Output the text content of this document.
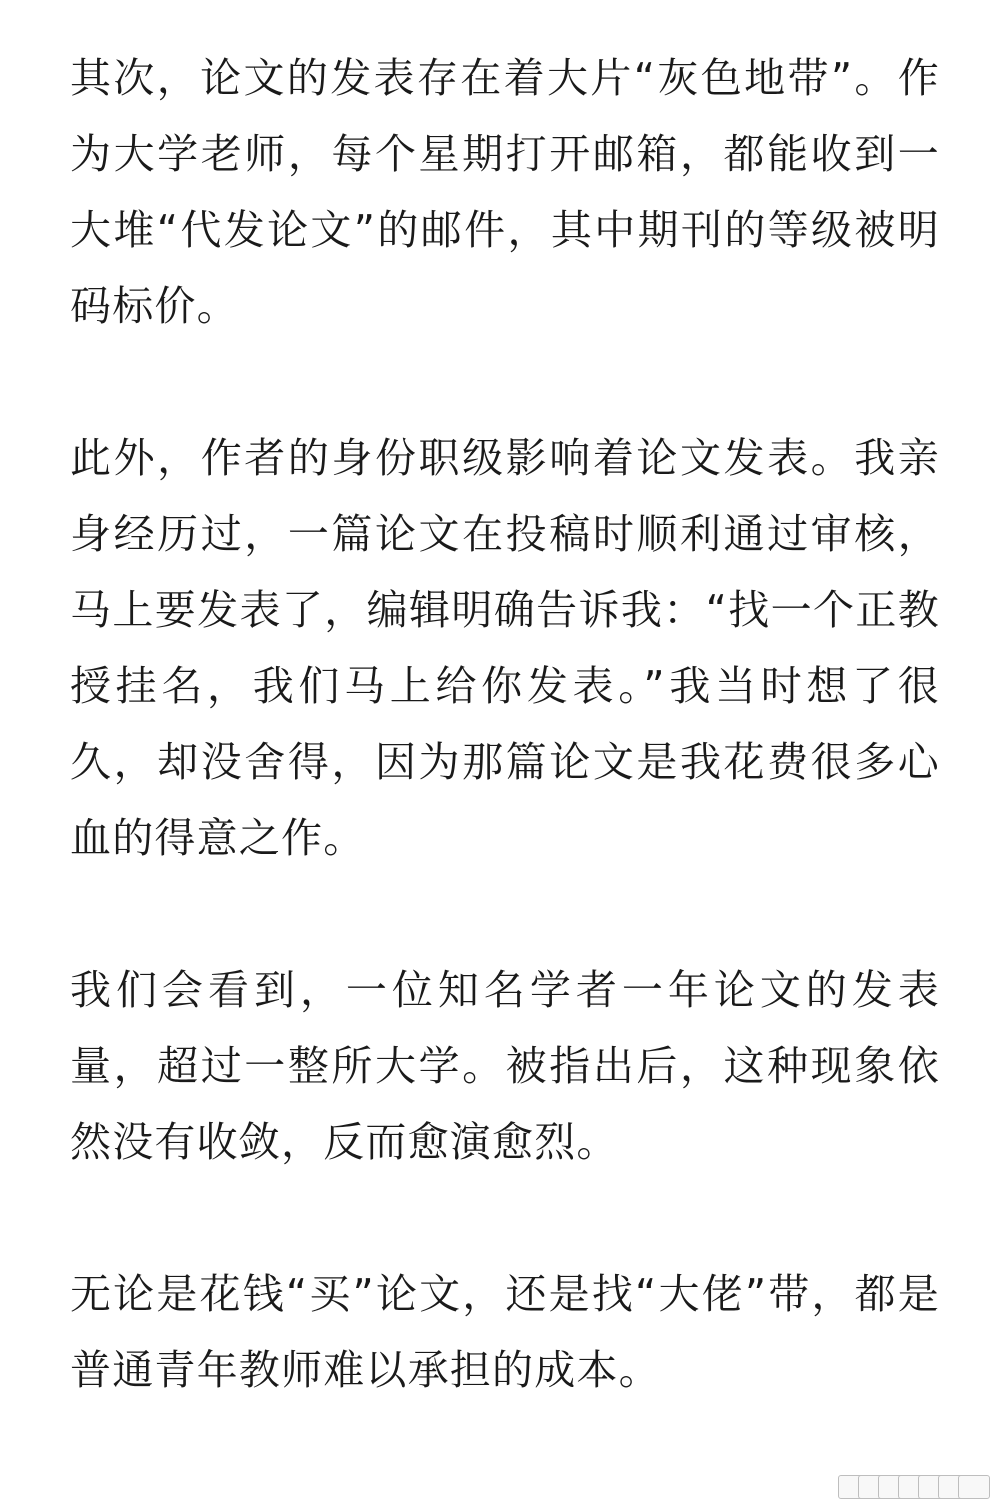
其次，论文的发表存在着大片“灰色地带”。作为大学老师，每个星期打开邮箱，都能收到一大堆“代发论文”的邮件，其中期刊的等级被明码标价。

此外，作者的身份职级影响着论文发表。我亲身经历过，一篇论文在投稿时顺利通过审核，马上要发表了，编辑明确告诉我：“找一个正教授挂名，我们马上给你发表。”我当时想了很久，却没舍得，因为那篇论文是我花费很多心血的得意之作。

我们会看到，一位知名学者一年论文的发表量，超过一整所大学。被指出后，这种现象依然没有收敛，反而愈演愈烈。

无论是花钱“买”论文，还是找“大佬”带，都是普通青年教师难以承担的成本。
